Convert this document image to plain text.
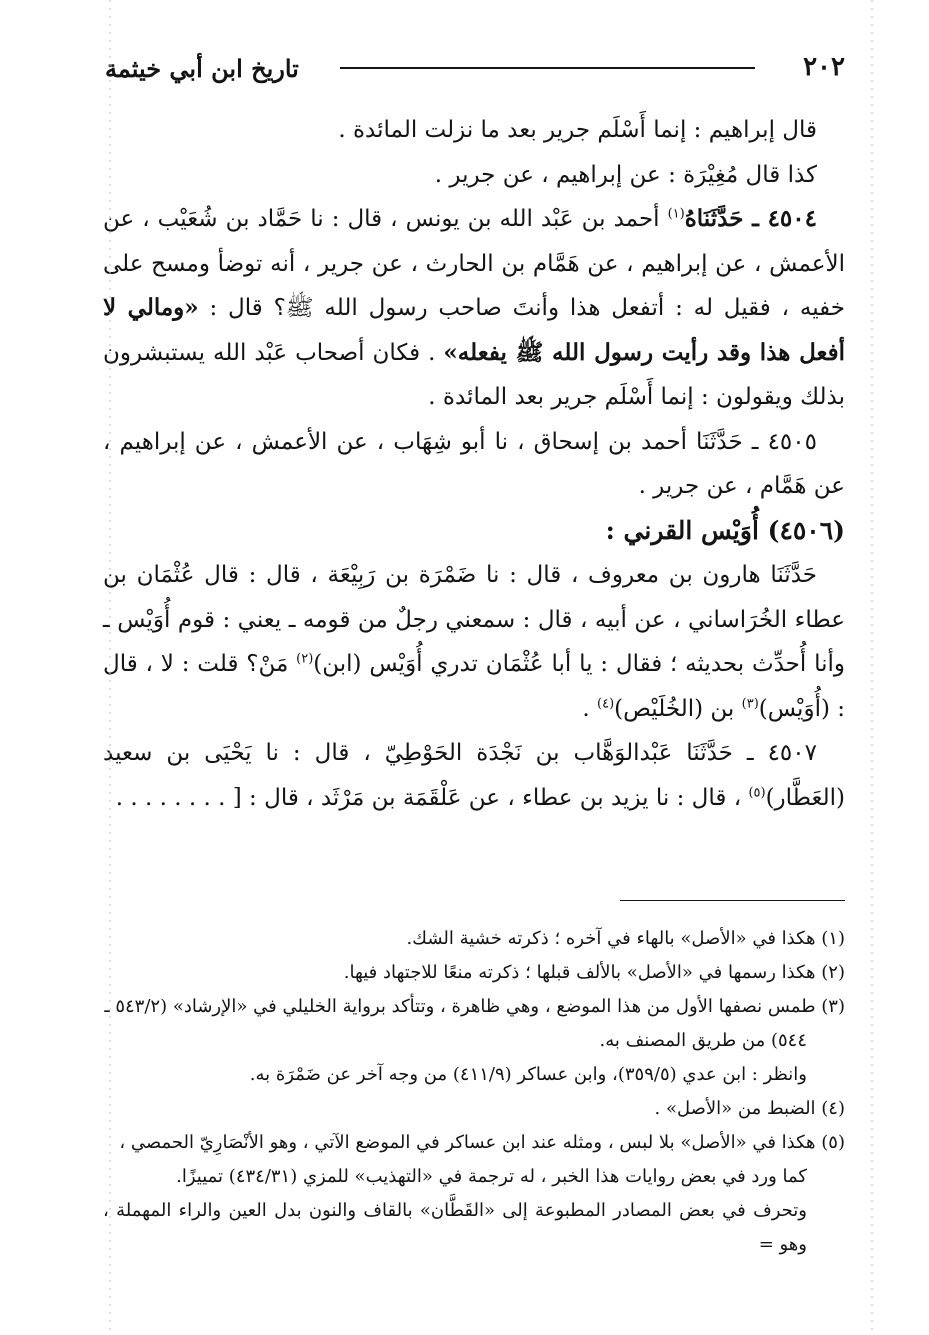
٢٠٢
تاريخ ابن أبي خيثمة

قال إبراهيم : إنما أَسْلَم جرير بعد ما نزلت المائدة .

كذا قال مُغِيْرَة : عن إبراهيم ، عن جرير .

٤٥٠٤ ـ حَدَّثَنَاهُ$^{(١)}$ أحمد بن عَبْد الله بن يونس ، قال : نا حَمَّاد بن شُعَيْب ، عن الأعمش ، عن إبراهيم ، عن هَمَّام بن الحارث ، عن جرير ، أنه توضأ ومسح على خفيه ، فقيل له : أتفعل هذا وأنتَ صاحب رسول الله ﷺ؟ قال : «ومالي لا أفعل هذا وقد رأيت رسول الله ﷺ يفعله» . فكان أصحاب عَبْد الله يستبشرون بذلك ويقولون : إنما أَسْلَم جرير بعد المائدة .

٤٥٠٥ ـ حَدَّثَنَا أحمد بن إسحاق ، نا أبو شِهَاب ، عن الأعمش ، عن إبراهيم ، عن هَمَّام ، عن جرير .

(٤٥٠٦) أُوَيْس القرني :

حَدَّثَنَا هارون بن معروف ، قال : نا ضَمْرَة بن رَبِيْعَة ، قال : قال عُثْمَان بن عطاء الخُرَاساني ، عن أبيه ، قال : سمعني رجلٌ من قومه ـ يعني : قوم أُوَيْس ـ وأنا أُحدِّث بحديثه ؛ فقال : يا أبا عُثْمَان تدري أُوَيْس (ابن)$^{(٢)}$ مَنْ؟ قلت : لا ، قال : (أُوَيْس)$^{(٣)}$ بن (الخُلَيْص)$^{(٤)}$ .

٤٥٠٧ ـ حَدَّثَنَا عَبْدالوَهَّاب بن نَجْدَة الحَوْطِيّ ، قال : نا يَحْيَى بن سعيد (العَطَّار)$^{(٥)}$ ، قال : نا يزيد بن عطاء ، عن عَلْقَمَة بن مَرْثَد ، قال : [ . . . . . . . .

(١) هكذا في «الأصل» بالهاء في آخره ؛ ذكرته خشية الشك.

(٢) هكذا رسمها في «الأصل» بالألف قبلها ؛ ذكرته منعًا للاجتهاد فيها.

(٣) طمس نصفها الأول من هذا الموضع ، وهي ظاهرة ، وتتأكد برواية الخليلي في «الإرشاد» (٥٤٣/٢ ـ

٥٤٤) من طريق المصنف به.

وانظر : ابن عدي (٣٥٩/٥)، وابن عساكر (٤١١/٩) من وجه آخر عن ضَمْرَة به.

(٤) الضبط من «الأصل» .

(٥) هكذا في «الأصل» بلا لبس ، ومثله عند ابن عساكر في الموضع الآتي ، وهو الأنْصَارِيّ الحمصي ،

كما ورد في بعض روايات هذا الخبر ، له ترجمة في «التهذيب» للمزي (٤٣٤/٣١) تمييزًا.

وتحرف في بعض المصادر المطبوعة إلى «القَطَّان» بالقاف والنون بدل العين والراء المهملة ، وهو =
